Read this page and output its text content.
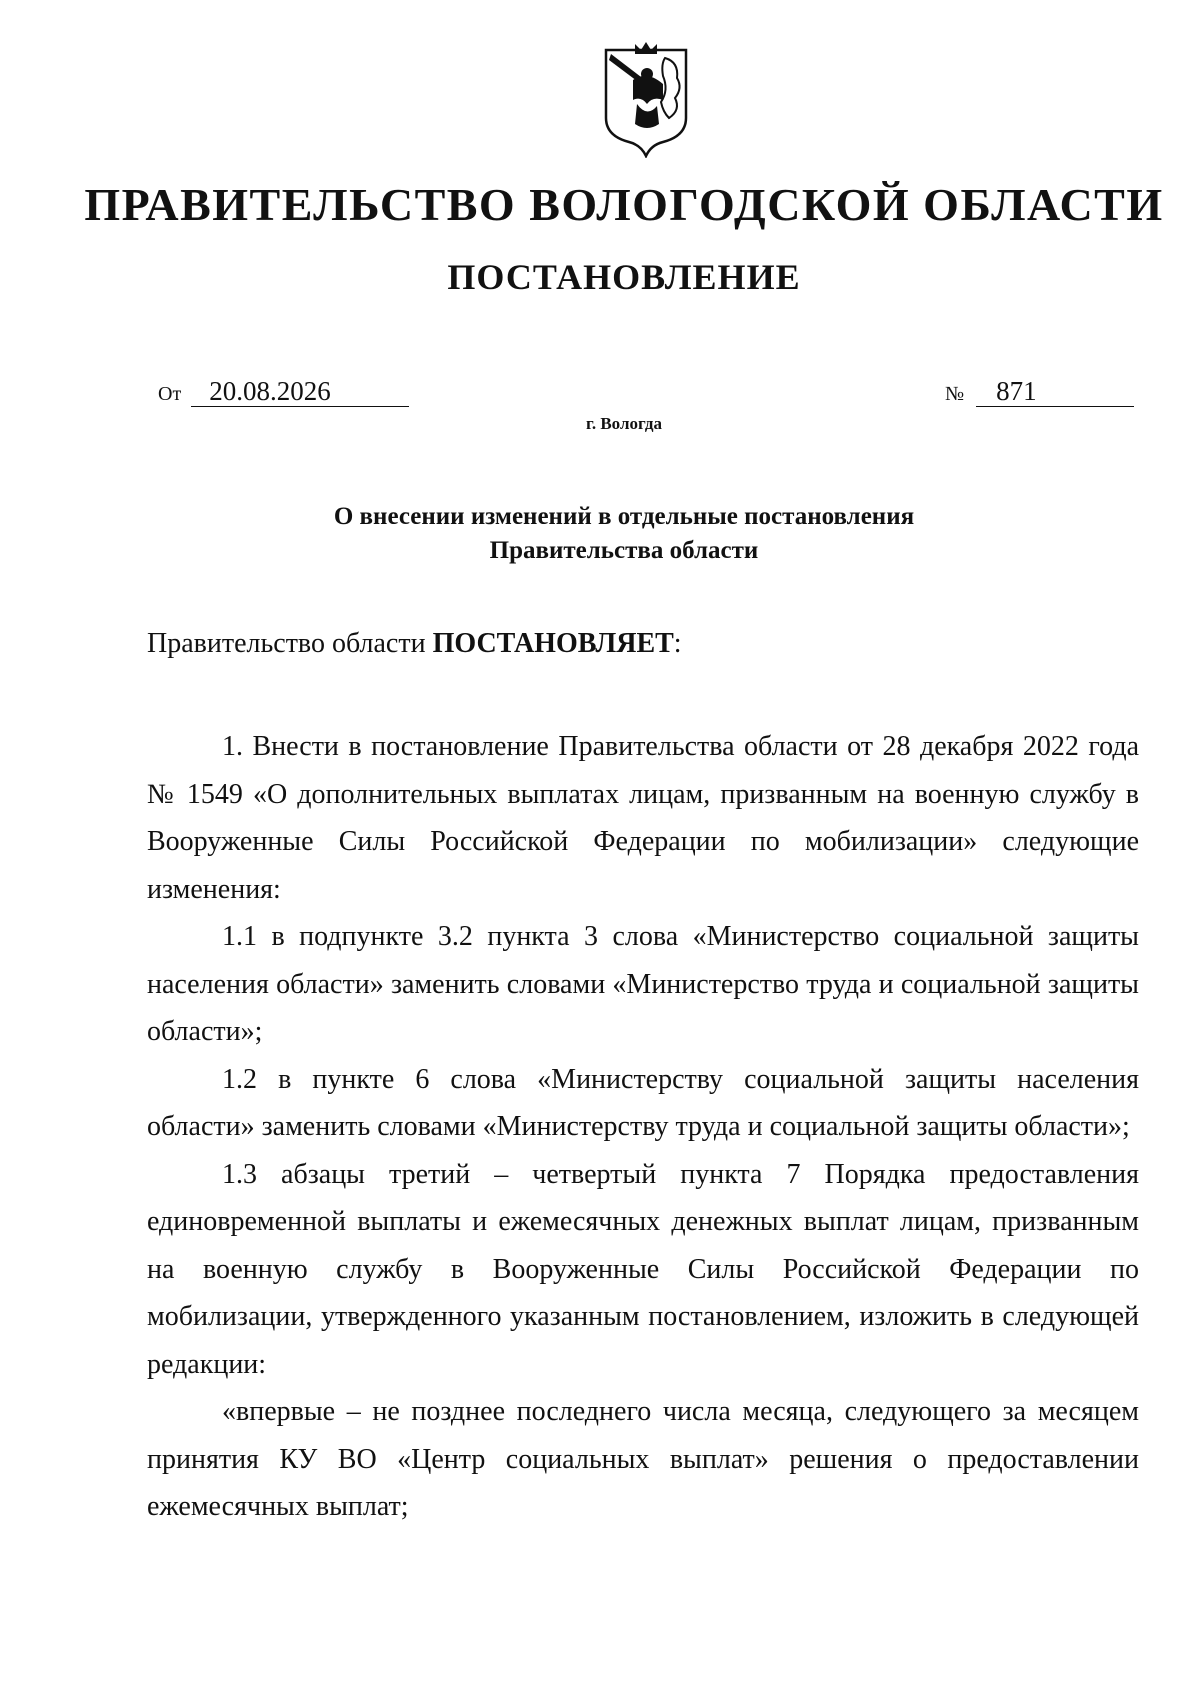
ПРАВИТЕЛЬСТВО ВОЛОГОДСКОЙ ОБЛАСТИ
ПОСТАНОВЛЕНИЕ
От	20.08.2026	№	871
г. Вологда
О внесении изменений в отдельные постановления
Правительства области
Правительство области ПОСТАНОВЛЯЕТ:

1. Внести в постановление Правительства области от 28 декабря 2022 года № 1549 «О дополнительных выплатах лицам, призванным на военную службу в Вооруженные Силы Российской Федерации по мобилизации» следующие изменения:

1.1 в подпункте 3.2 пункта 3 слова «Министерство социальной защиты населения области» заменить словами «Министерство труда и социальной защиты области»;

1.2 в пункте 6 слова «Министерству социальной защиты населения области» заменить словами «Министерству труда и социальной защиты области»;

1.3 абзацы третий – четвертый пункта 7 Порядка предоставления единовременной выплаты и ежемесячных денежных выплат лицам, призванным на военную службу в Вооруженные Силы Российской Федерации по мобилизации, утвержденного указанным постановлением, изложить в следующей редакции:

«впервые – не позднее последнего числа месяца, следующего за месяцем принятия КУ ВО «Центр социальных выплат» решения о предоставлении ежемесячных выплат;
